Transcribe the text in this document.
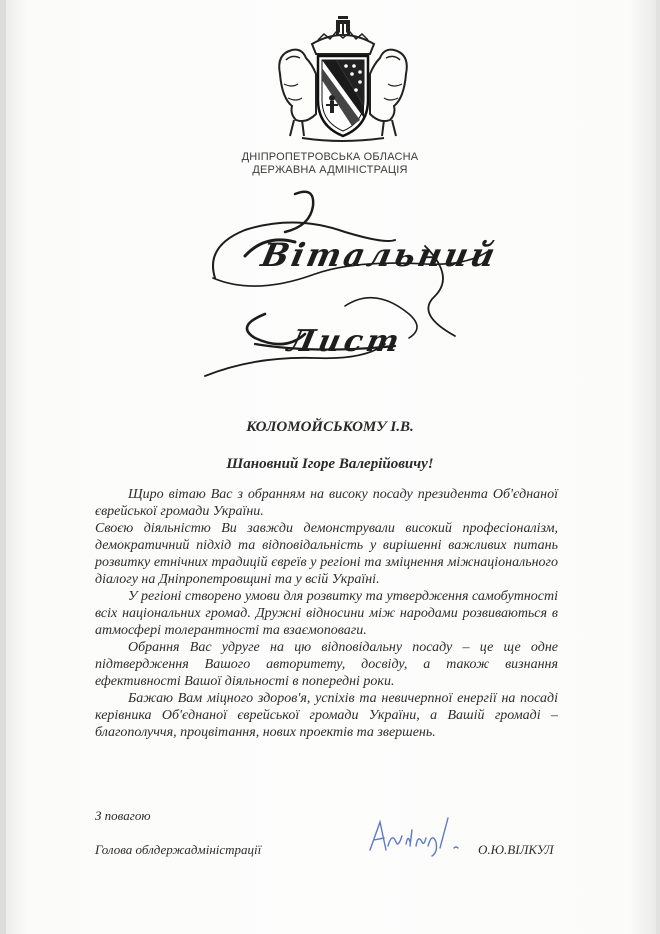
ДНІПРОПЕТРОВСЬКА ОБЛАСНА
ДЕРЖАВНА АДМІНІСТРАЦІЯ
Вітальний
Лист
КОЛОМОЙСЬКОМУ І.В.
Шановний Ігоре Валерійовичу!

Щиро вітаю Вас з обранням на високу посаду президента Об'єднаної єврейської громади України.

Своєю діяльністю Ви завжди демонстрували високий професіоналізм, демократичний підхід та відповідальність у вирішенні важливих питань розвитку етнічних традицій євреїв у регіоні та зміцнення міжнаціонального діалогу на Дніпропетровщині та у всій Україні.

У регіоні створено умови для розвитку та утвердження самобутності всіх національних громад. Дружні відносини між народами розвиваються в атмосфері толерантності та взаємоповаги.

Обрання Вас удруге на цю відповідальну посаду – це ще одне підтвердження Вашого авторитету, досвіду, а також визнання ефективності Вашої діяльності в попередні роки.

Бажаю Вам міцного здоров'я, успіхів та невичерпної енергії на посаді керівника Об'єднаної єврейської громади України, а Вашій громаді – благополуччя, процвітання, нових проектів та звершень.

З повагою
Голова облдержадміністрації	О.Ю.ВІЛКУЛ
